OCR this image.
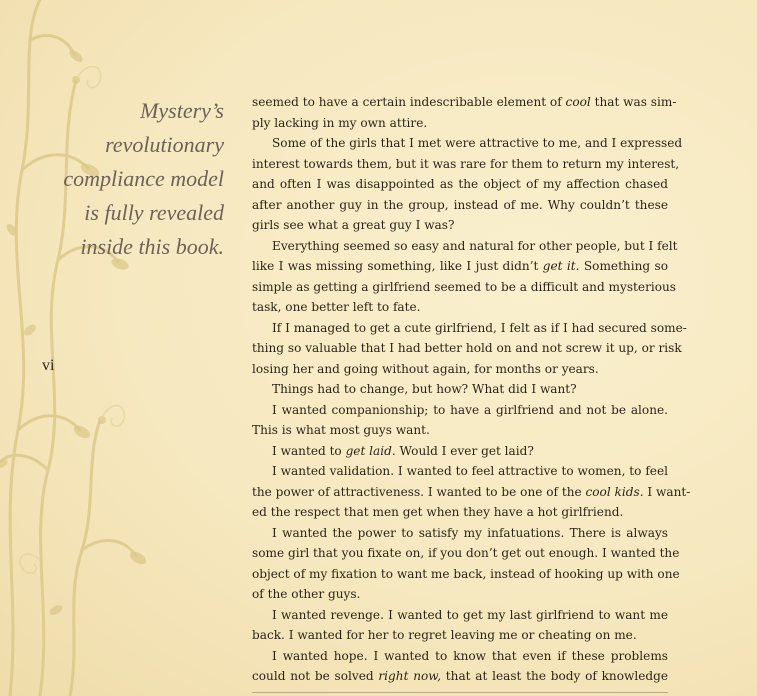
Mystery’s
revolutionary
compliance model
is fully revealed
inside this book.
vi
seemed to have a certain indescribable element of cool that was sim-
ply lacking in my own attire.
Some of the girls that I met were attractive to me, and I expressed
interest towards them, but it was rare for them to return my interest,
and often I was disappointed as the object of my affection chased
after another guy in the group, instead of me. Why couldn’t these
girls see what a great guy I was?
Everything seemed so easy and natural for other people, but I felt
like I was missing something, like I just didn’t get it. Something so
simple as getting a girlfriend seemed to be a difficult and mysterious
task, one better left to fate.
If I managed to get a cute girlfriend, I felt as if I had secured some-
thing so valuable that I had better hold on and not screw it up, or risk
losing her and going without again, for months or years.
Things had to change, but how? What did I want?
I wanted companionship; to have a girlfriend and not be alone.
This is what most guys want.
I wanted to get laid. Would I ever get laid?
I wanted validation. I wanted to feel attractive to women, to feel
the power of attractiveness. I wanted to be one of the cool kids. I want-
ed the respect that men get when they have a hot girlfriend.
I wanted the power to satisfy my infatuations. There is always
some girl that you fixate on, if you don’t get out enough. I wanted the
object of my fixation to want me back, instead of hooking up with one
of the other guys.
I wanted revenge. I wanted to get my last girlfriend to want me
back. I wanted for her to regret leaving me or cheating on me.
I wanted hope. I wanted to know that even if these problems
could not be solved right now, that at least the body of knowledge
